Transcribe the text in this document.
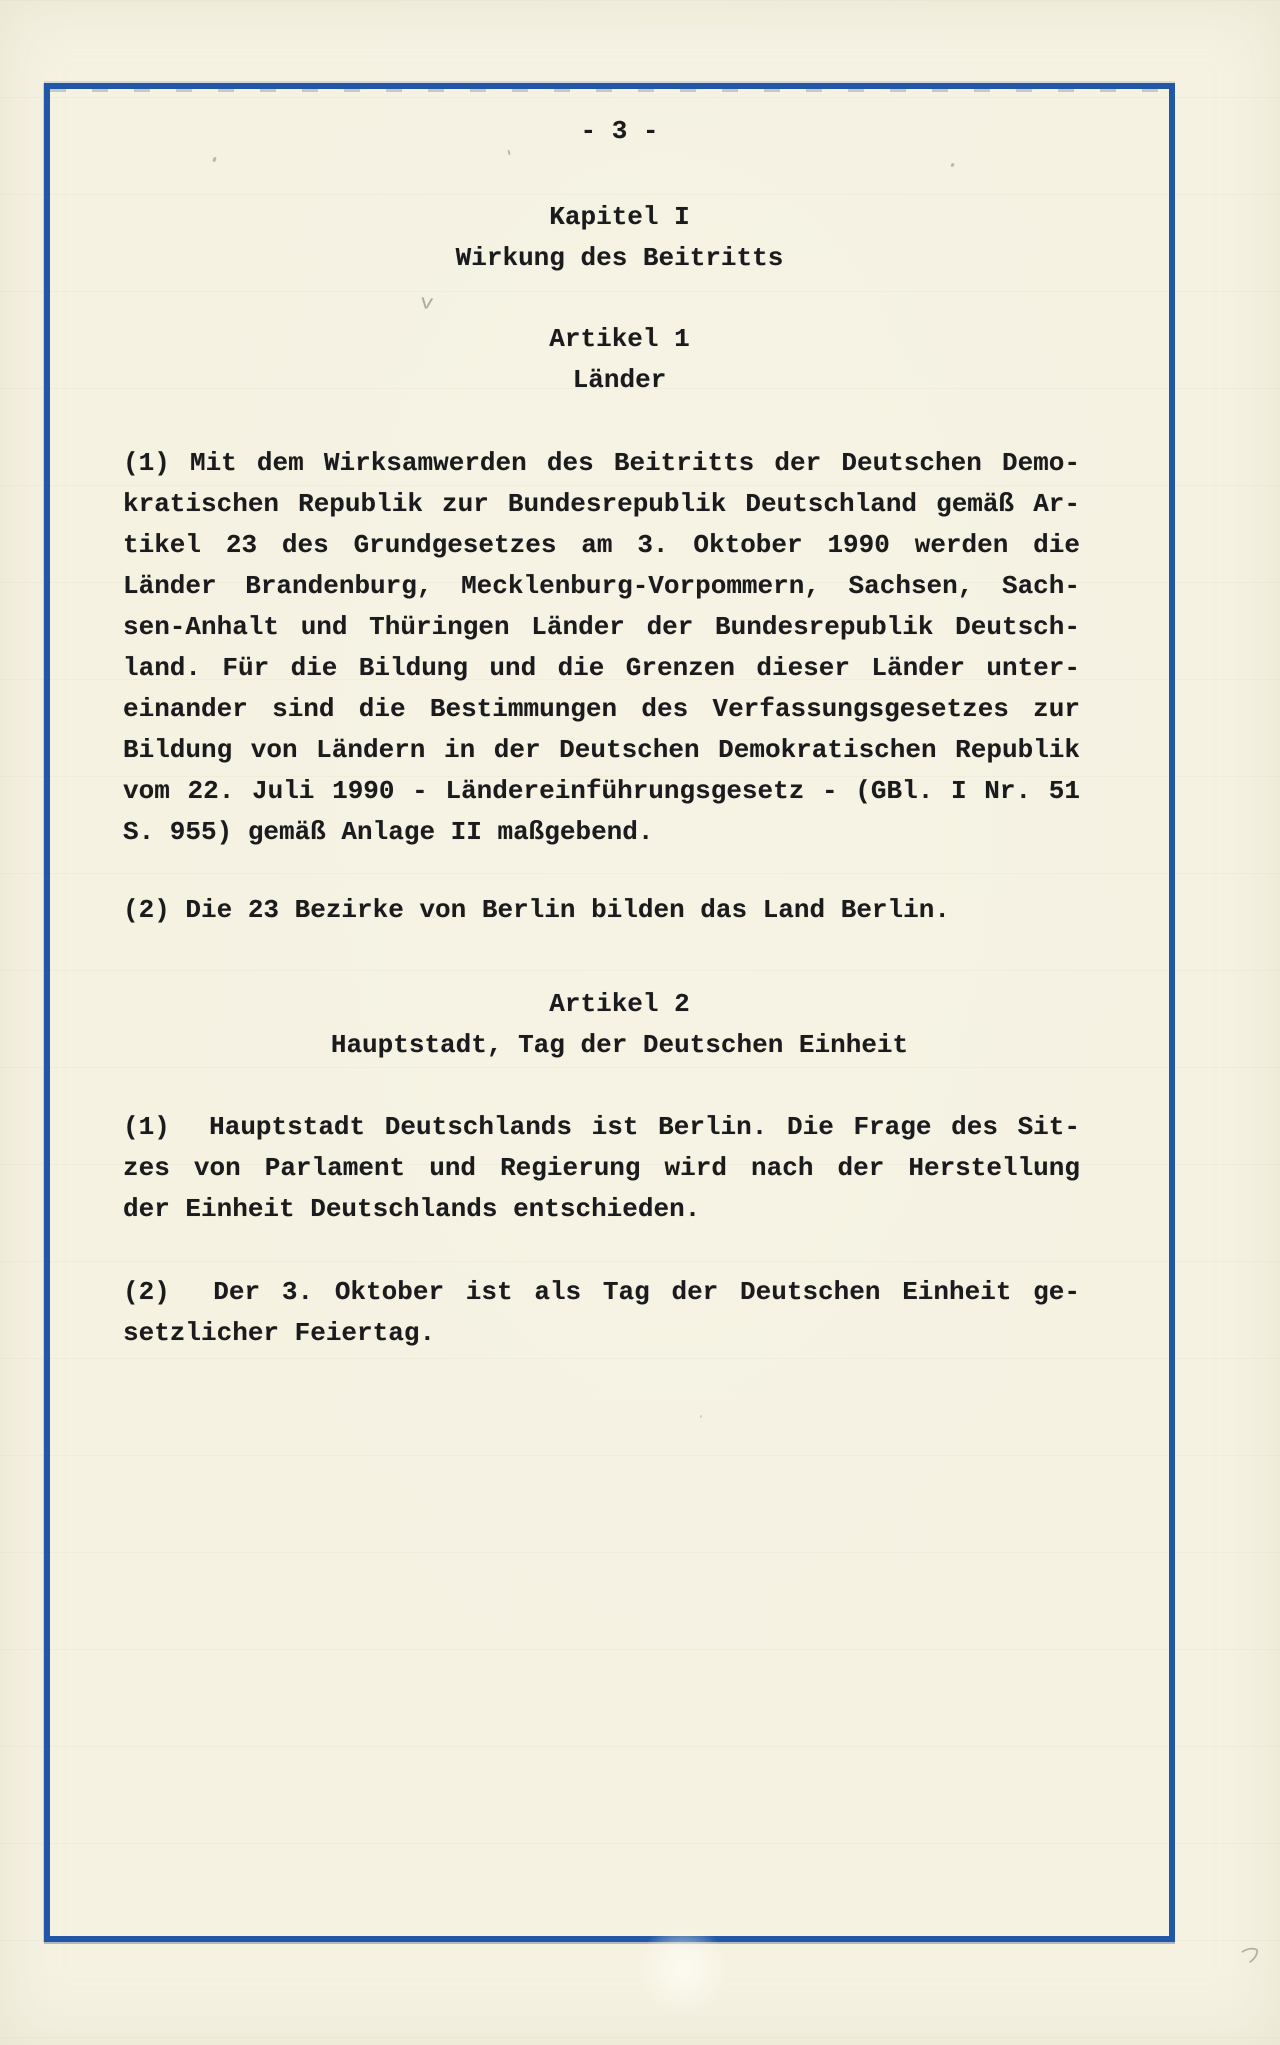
- 3 -
Kapitel I
Wirkung des Beitritts
v
Artikel 1
Länder
(1) Mit dem Wirksamwerden des Beitritts der Deutschen Demo-
kratischen Republik zur Bundesrepublik Deutschland gemäß Ar-
tikel 23 des Grundgesetzes am 3. Oktober 1990 werden die
Länder Brandenburg, Mecklenburg-Vorpommern, Sachsen, Sach-
sen-Anhalt und Thüringen Länder der Bundesrepublik Deutsch-
land. Für die Bildung und die Grenzen dieser Länder unter-
einander sind die Bestimmungen des Verfassungsgesetzes zur
Bildung von Ländern in der Deutschen Demokratischen Republik
vom 22. Juli 1990 - Ländereinführungsgesetz - (GBl. I Nr. 51
S. 955) gemäß Anlage II maßgebend.
(2) Die 23 Bezirke von Berlin bilden das Land Berlin.
Artikel 2
Hauptstadt, Tag der Deutschen Einheit
(1)  Hauptstadt Deutschlands ist Berlin. Die Frage des Sit-
zes von Parlament und Regierung wird nach der Herstellung
der Einheit Deutschlands entschieden.
(2)  Der 3. Oktober ist als Tag der Deutschen Einheit ge-
setzlicher Feiertag.
